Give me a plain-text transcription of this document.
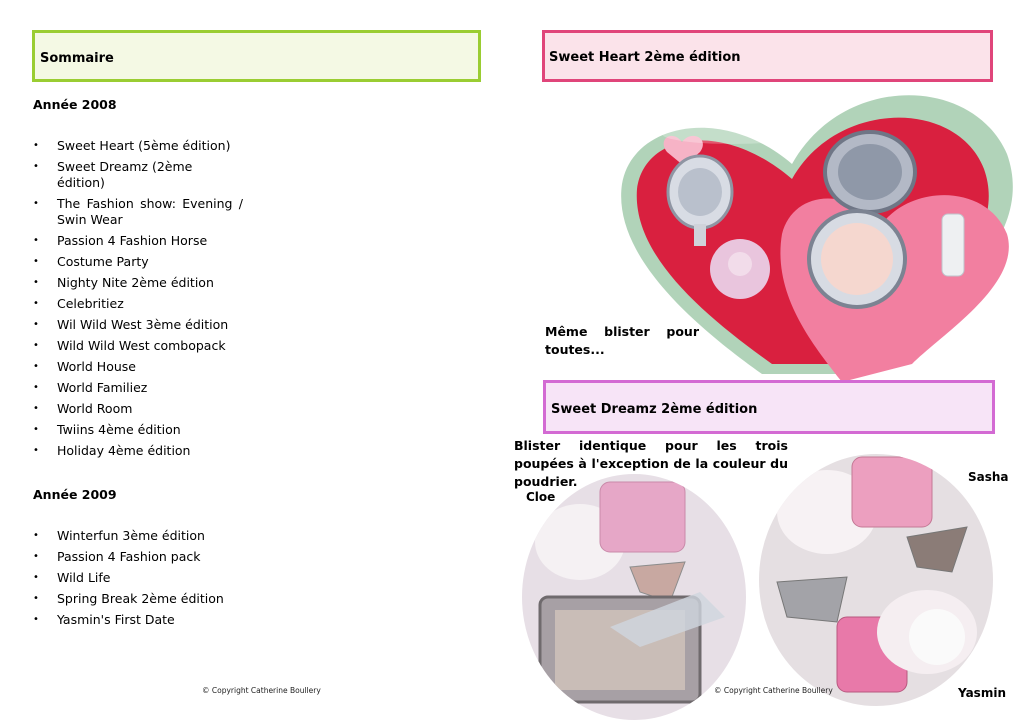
Sommaire
Année 2008
• Sweet Heart (5ème édition)
• Sweet Dreamz (2ème édition)
• The Fashion show: Evening / Swin Wear
• Passion 4 Fashion Horse
• Costume Party
• Nighty Nite 2ème édition
• Celebritiez
• Wil Wild West 3ème édition
• Wild Wild West combopack
• World House
• World Familiez
• World Room
• Twiins 4ème édition
• Holiday 4ème édition
Année 2009
• Winterfun 3ème édition
• Passion 4 Fashion pack
• Wild Life
• Spring Break 2ème édition
• Yasmin's First Date
© Copyright Catherine Boullery
Sweet Heart 2ème édition
Même blister pour toutes...
Sweet Dreamz 2ème édition
Blister identique pour les trois poupées à l'exception de la couleur du poudrier.
Cloe
Sasha
Yasmin
© Copyright Catherine Boullery
